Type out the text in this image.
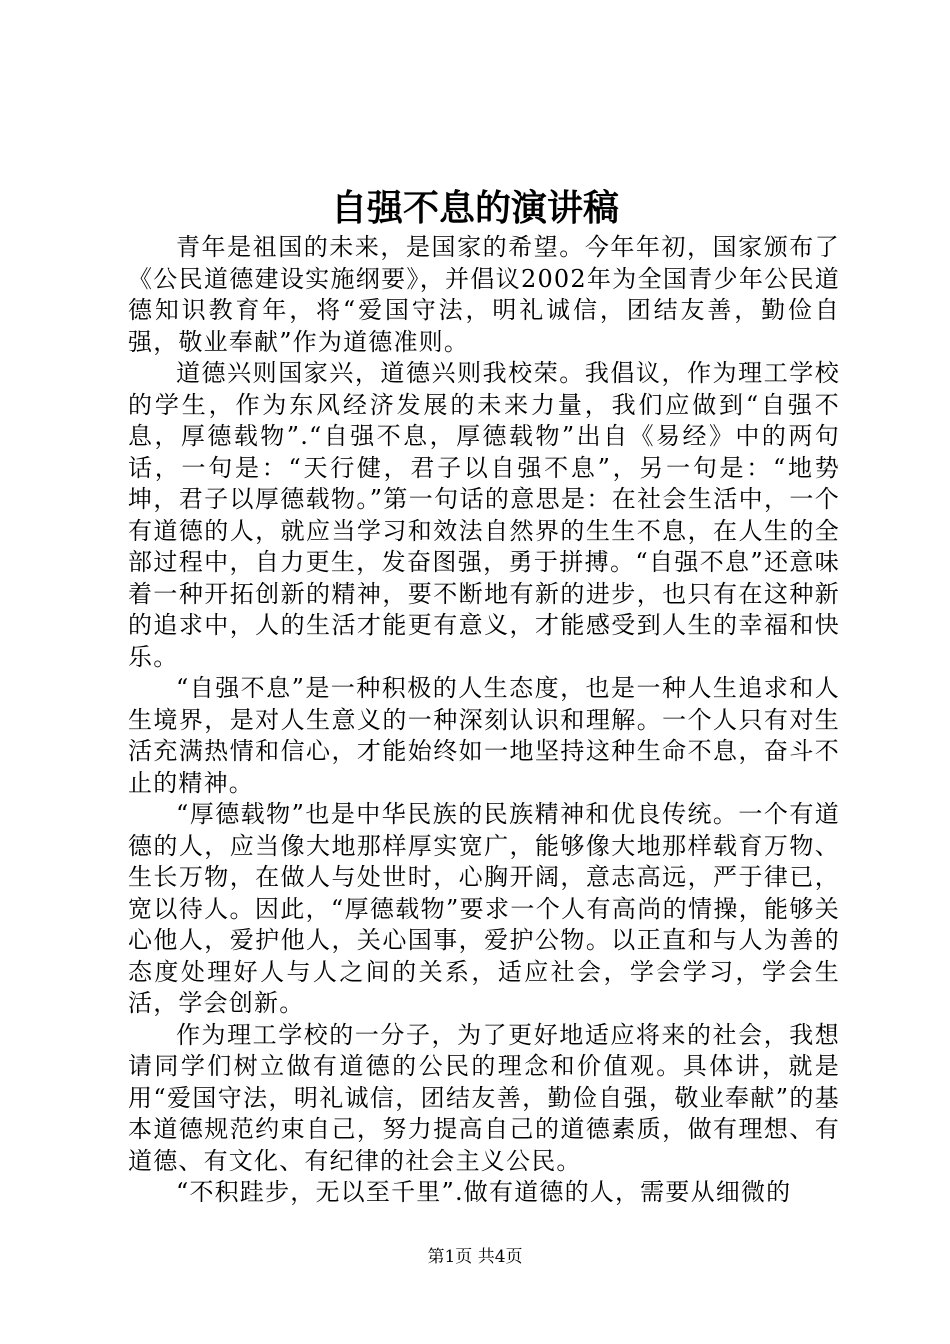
自强不息的演讲稿

青年是祖国的未来，是国家的希望。今年年初，国家颁布了《公民道德建设实施纲要》，并倡议2002年为全国青少年公民道德知识教育年，将“爱国守法，明礼诚信，团结友善，勤俭自强，敬业奉献”作为道德准则。

道德兴则国家兴，道德兴则我校荣。我倡议，作为理工学校的学生，作为东风经济发展的未来力量，我们应做到“自强不息，厚德载物”.“自强不息，厚德载物”出自《易经》中的两句话，一句是：“天行健，君子以自强不息”，另一句是：“地势坤，君子以厚德载物。”第一句话的意思是：在社会生活中，一个有道德的人，就应当学习和效法自然界的生生不息，在人生的全部过程中，自力更生，发奋图强，勇于拼搏。“自强不息”还意味着一种开拓创新的精神，要不断地有新的进步，也只有在这种新的追求中，人的生活才能更有意义，才能感受到人生的幸福和快乐。

“自强不息”是一种积极的人生态度，也是一种人生追求和人生境界，是对人生意义的一种深刻认识和理解。一个人只有对生活充满热情和信心，才能始终如一地坚持这种生命不息，奋斗不止的精神。

“厚德载物”也是中华民族的民族精神和优良传统。一个有道德的人，应当像大地那样厚实宽广，能够像大地那样载育万物、生长万物，在做人与处世时，心胸开阔，意志高远，严于律已，宽以待人。因此，“厚德载物”要求一个人有高尚的情操，能够关心他人，爱护他人，关心国事，爱护公物。以正直和与人为善的态度处理好人与人之间的关系，适应社会，学会学习，学会生活，学会创新。

作为理工学校的一分子，为了更好地适应将来的社会，我想请同学们树立做有道德的公民的理念和价值观。具体讲，就是用“爱国守法，明礼诚信，团结友善，勤俭自强，敬业奉献”的基本道德规范约束自己，努力提高自己的道德素质，做有理想、有道德、有文化、有纪律的社会主义公民。

“不积跬步，无以至千里”.做有道德的人，需要从细微的

第1页 共4页
